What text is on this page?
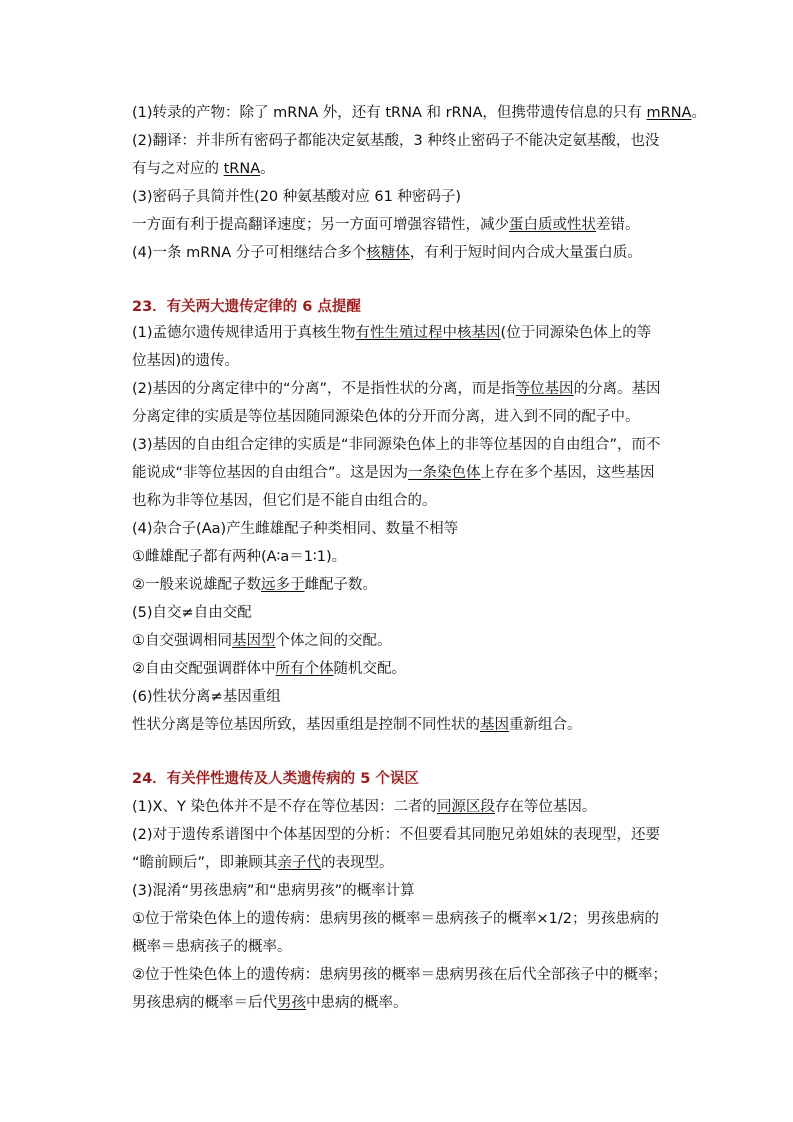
(1)转录的产物：除了 mRNA 外，还有 tRNA 和 rRNA，但携带遗传信息的只有 mRNA。
(2)翻译：并非所有密码子都能决定氨基酸，3 种终止密码子不能决定氨基酸，也没
有与之对应的 tRNA。
(3)密码子具简并性(20 种氨基酸对应 61 种密码子)
一方面有利于提高翻译速度；另一方面可增强容错性，减少蛋白质或性状差错。
(4)一条 mRNA 分子可相继结合多个核糖体，有利于短时间内合成大量蛋白质。
23．有关两大遗传定律的 6 点提醒
(1)孟德尔遗传规律适用于真核生物有性生殖过程中核基因(位于同源染色体上的等
位基因)的遗传。
(2)基因的分离定律中的“分离”，不是指性状的分离，而是指等位基因的分离。基因
分离定律的实质是等位基因随同源染色体的分开而分离，进入到不同的配子中。
(3)基因的自由组合定律的实质是“非同源染色体上的非等位基因的自由组合”，而不
能说成“非等位基因的自由组合”。这是因为一条染色体上存在多个基因，这些基因
也称为非等位基因，但它们是不能自由组合的。
(4)杂合子(Aa)产生雌雄配子种类相同、数量不相等
①雌雄配子都有两种(A∶a＝1∶1)。
②一般来说雄配子数远多于雌配子数。
(5)自交≠自由交配
①自交强调相同基因型个体之间的交配。
②自由交配强调群体中所有个体随机交配。
(6)性状分离≠基因重组
性状分离是等位基因所致，基因重组是控制不同性状的基因重新组合。
24．有关伴性遗传及人类遗传病的 5 个误区
(1)X、Y 染色体并不是不存在等位基因：二者的同源区段存在等位基因。
(2)对于遗传系谱图中个体基因型的分析：不但要看其同胞兄弟姐妹的表现型，还要
“瞻前顾后”，即兼顾其亲子代的表现型。
(3)混淆“男孩患病”和“患病男孩”的概率计算
①位于常染色体上的遗传病：患病男孩的概率＝患病孩子的概率×1/2；男孩患病的
概率＝患病孩子的概率。
②位于性染色体上的遗传病：患病男孩的概率＝患病男孩在后代全部孩子中的概率；
男孩患病的概率＝后代男孩中患病的概率。
